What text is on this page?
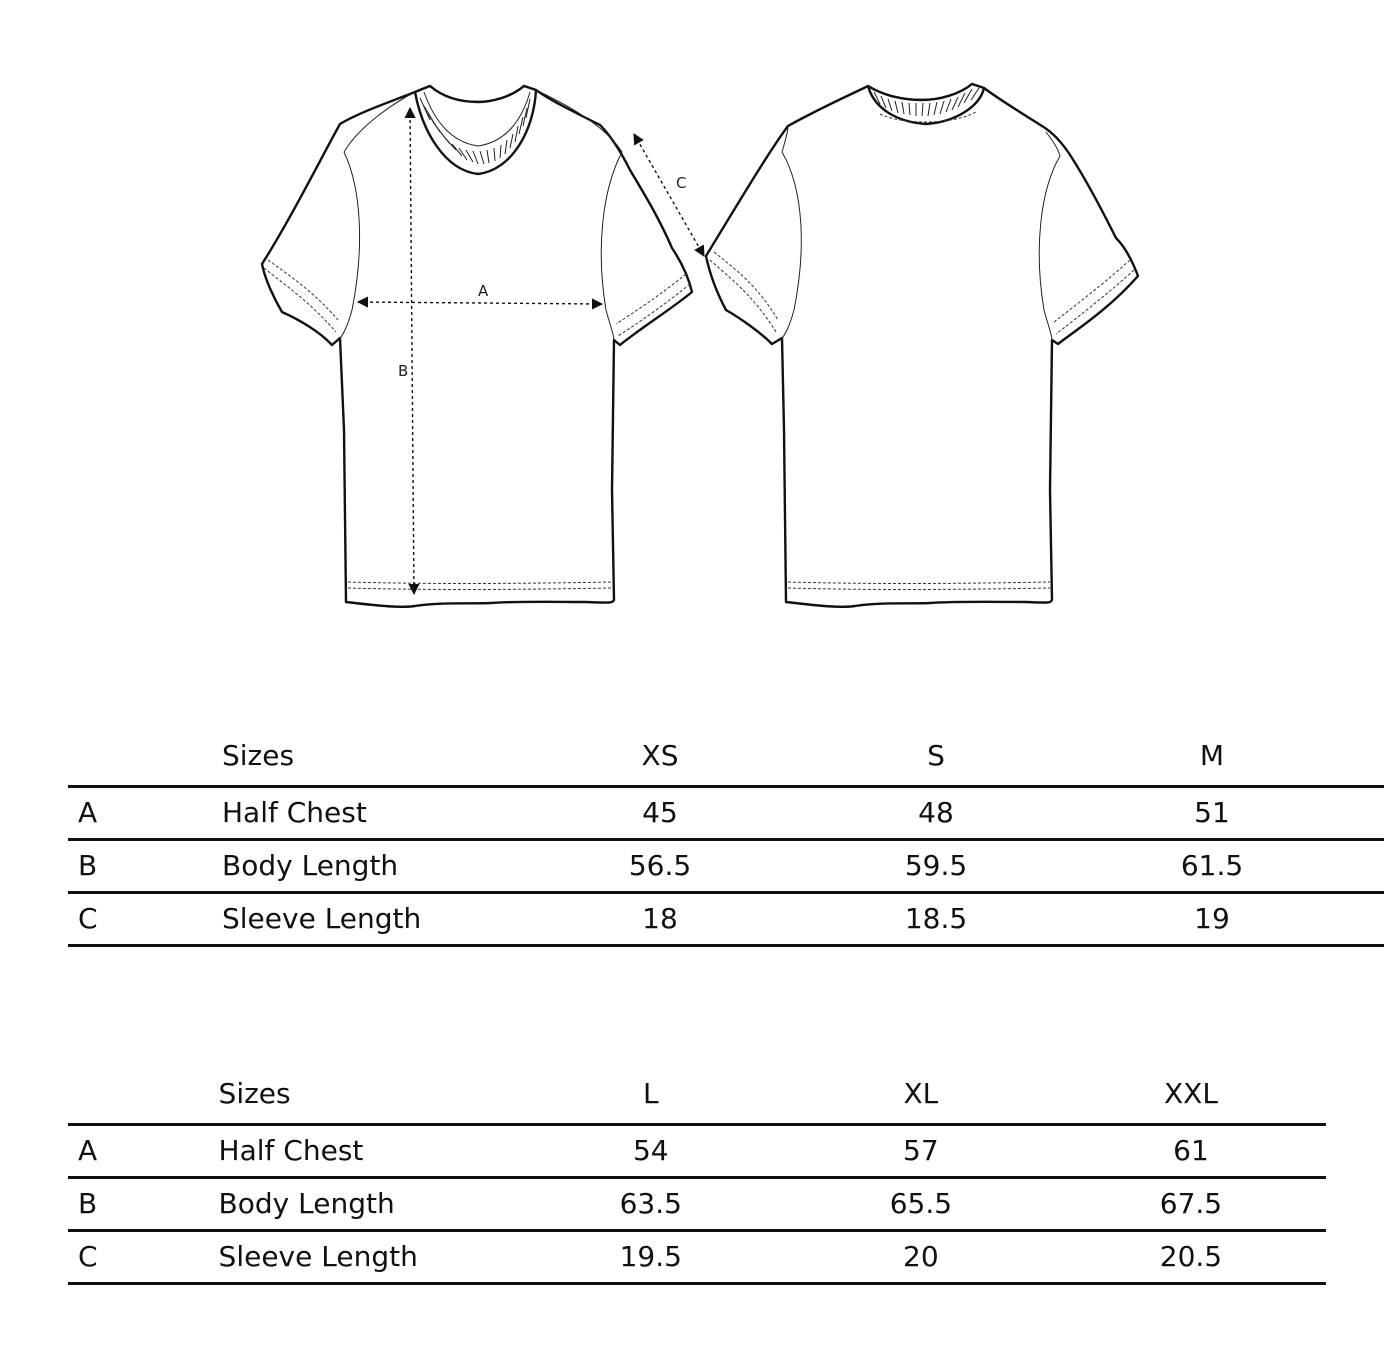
A
B
C
	Sizes	XS	S	M	
A	Half Chest	45	48	51	
B	Body Length	56.5	59.5	61.5	
C	Sleeve Length	18	18.5	19	
	Sizes	L	XL	XXL	
A	Half Chest	54	57	61	
B	Body Length	63.5	65.5	67.5	
C	Sleeve Length	19.5	20	20.5	
